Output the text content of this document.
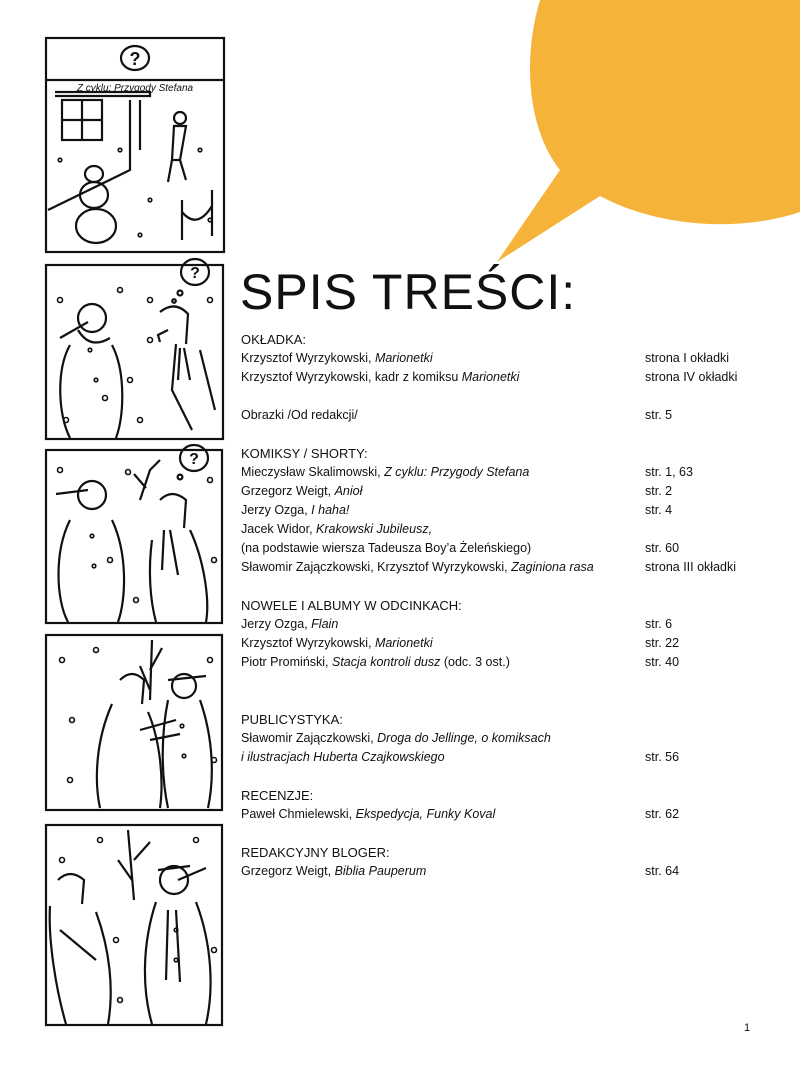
?
?
?
Z cyklu: Przygody Stefana
SPIS TREŚCI:
OKŁADKA:
Krzysztof Wyrzykowski, Marionetki	strona I okładki
Krzysztof Wyrzykowski, kadr z komiksu Marionetki	strona IV okładki
Obrazki /Od redakcji/	str. 5
KOMIKSY / SHORTY:
Mieczysław Skalimowski, Z cyklu: Przygody Stefana	str. 1, 63
Grzegorz Weigt, Anioł	str. 2
Jerzy Ozga, I haha!	str. 4
Jacek Widor, Krakowski Jubileusz,
(na podstawie wiersza Tadeusza Boy’a Żeleńskiego)	str. 60
Sławomir Zajączkowski, Krzysztof Wyrzykowski, Zaginiona rasa	strona III okładki
NOWELE I ALBUMY W ODCINKACH:
Jerzy Ozga, Flain	str. 6
Krzysztof Wyrzykowski, Marionetki	str. 22
Piotr Promiński, Stacja kontroli dusz (odc. 3 ost.)	str. 40
PUBLICYSTYKA:
Sławomir Zajączkowski, Droga do Jellinge, o komiksach
i ilustracjach Huberta Czajkowskiego	str. 56
RECENZJE:
Paweł Chmielewski, Ekspedycja, Funky Koval	str. 62
REDAKCYJNY BLOGER:
Grzegorz Weigt, Biblia Pauperum	str. 64
1
